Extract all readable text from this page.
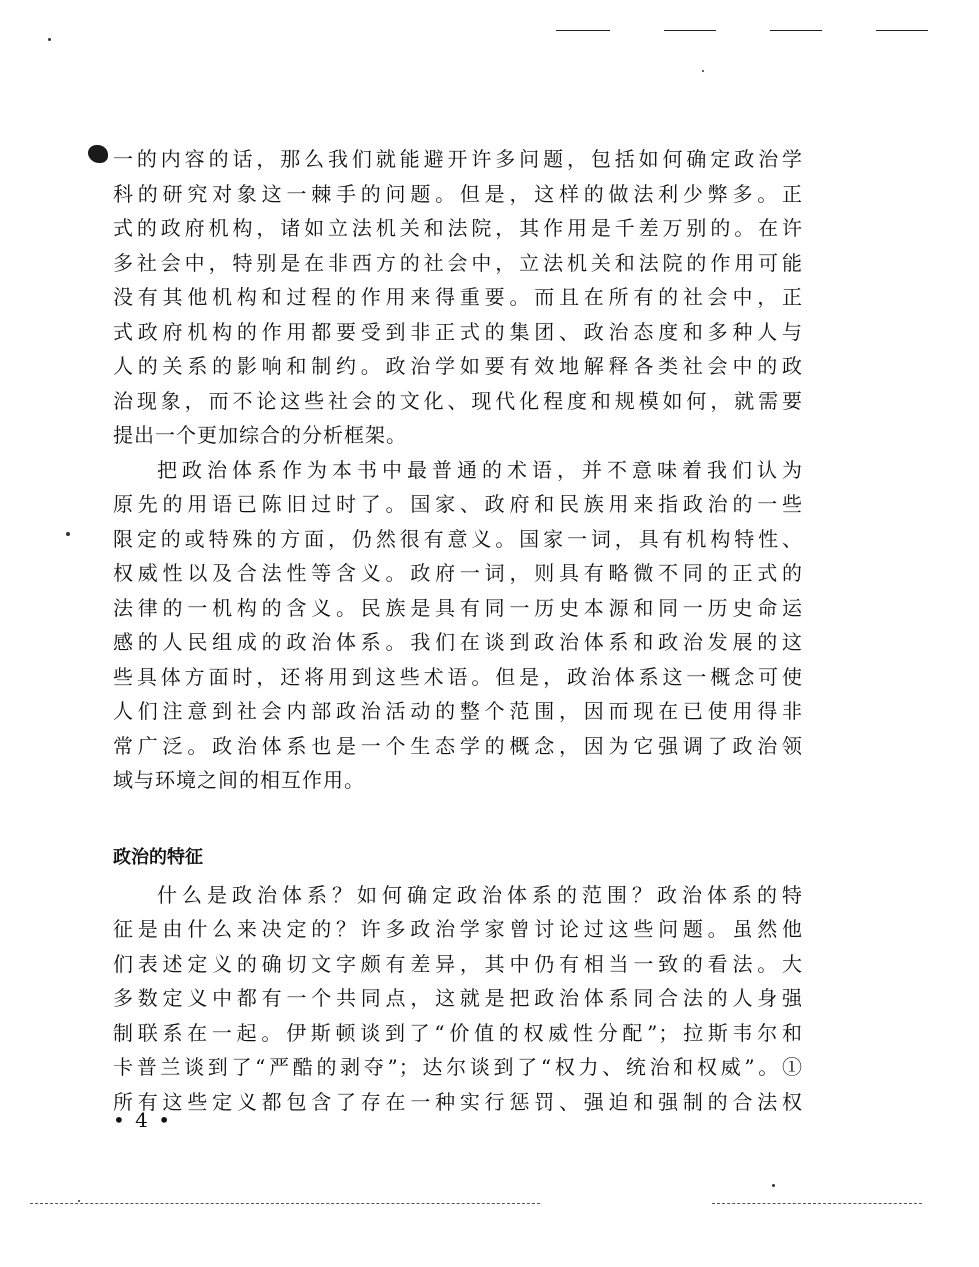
一的内容的话，那么我们就能避开许多问题，包括如何确定政治学

科的研究对象这一棘手的问题。但是，这样的做法利少弊多。正

式的政府机构，诸如立法机关和法院，其作用是千差万别的。在许

多社会中，特别是在非西方的社会中，立法机关和法院的作用可能

没有其他机构和过程的作用来得重要。而且在所有的社会中，正

式政府机构的作用都要受到非正式的集团、政治态度和多种人与

人的关系的影响和制约。政治学如要有效地解释各类社会中的政

治现象，而不论这些社会的文化、现代化程度和规模如何，就需要

提出一个更加综合的分析框架。

把政治体系作为本书中最普通的术语，并不意味着我们认为

原先的用语已陈旧过时了。国家、政府和民族用来指政治的一些

限定的或特殊的方面，仍然很有意义。国家一词，具有机构特性、

权威性以及合法性等含义。政府一词，则具有略微不同的正式的

法律的一机构的含义。民族是具有同一历史本源和同一历史命运

感的人民组成的政治体系。我们在谈到政治体系和政治发展的这

些具体方面时，还将用到这些术语。但是，政治体系这一概念可使

人们注意到社会内部政治活动的整个范围，因而现在已使用得非

常广泛。政治体系也是一个生态学的概念，因为它强调了政治领

域与环境之间的相互作用。

政治的特征

什么是政治体系？如何确定政治体系的范围？政治体系的特

征是由什么来决定的？许多政治学家曾讨论过这些问题。虽然他

们表述定义的确切文字颇有差异，其中仍有相当一致的看法。大

多数定义中都有一个共同点，这就是把政治体系同合法的人身强

制联系在一起。伊斯顿谈到了“价值的权威性分配”；拉斯韦尔和

卡普兰谈到了“严酷的剥夺”；达尔谈到了“权力、统治和权威”。①

所有这些定义都包含了存在一种实行惩罚、强迫和强制的合法权

• 4 •
